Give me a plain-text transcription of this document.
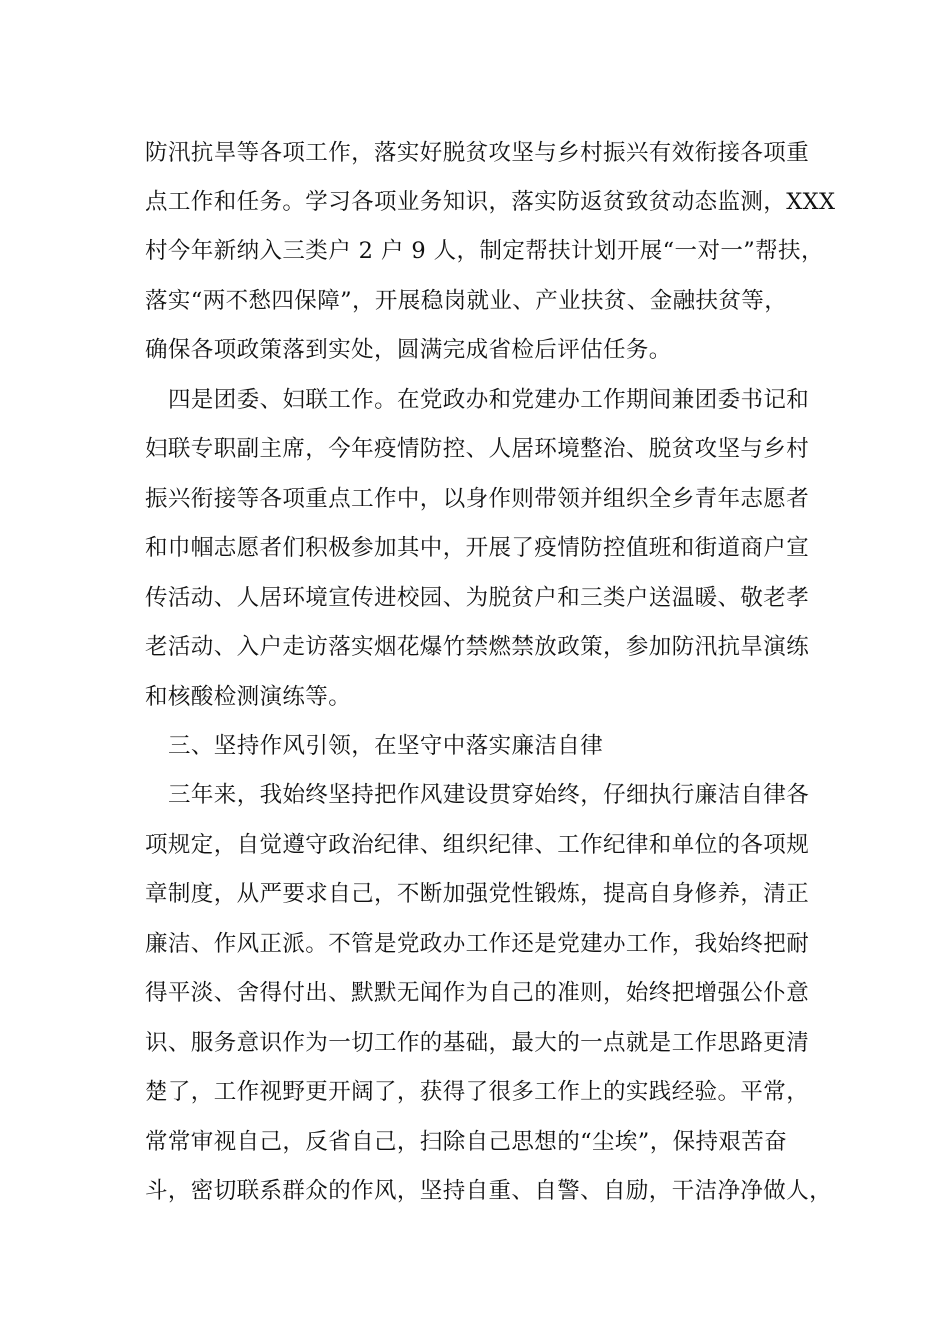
防汛抗旱等各项工作，落实好脱贫攻坚与乡村振兴有效衔接各项重
点工作和任务。学习各项业务知识，落实防返贫致贫动态监测，XXX
村今年新纳入三类户 2 户 9 人，制定帮扶计划开展“一对一”帮扶，
落实“两不愁四保障”，开展稳岗就业、产业扶贫、金融扶贫等，
确保各项政策落到实处，圆满完成省检后评估任务。
四是团委、妇联工作。在党政办和党建办工作期间兼团委书记和
妇联专职副主席，今年疫情防控、人居环境整治、脱贫攻坚与乡村
振兴衔接等各项重点工作中，以身作则带领并组织全乡青年志愿者
和巾帼志愿者们积极参加其中，开展了疫情防控值班和街道商户宣
传活动、人居环境宣传进校园、为脱贫户和三类户送温暖、敬老孝
老活动、入户走访落实烟花爆竹禁燃禁放政策，参加防汛抗旱演练
和核酸检测演练等。
三、坚持作风引领，在坚守中落实廉洁自律
三年来，我始终坚持把作风建设贯穿始终，仔细执行廉洁自律各
项规定，自觉遵守政治纪律、组织纪律、工作纪律和单位的各项规
章制度，从严要求自己，不断加强党性锻炼，提高自身修养，清正
廉洁、作风正派。不管是党政办工作还是党建办工作，我始终把耐
得平淡、舍得付出、默默无闻作为自己的准则，始终把增强公仆意
识、服务意识作为一切工作的基础，最大的一点就是工作思路更清
楚了，工作视野更开阔了，获得了很多工作上的实践经验。平常，
常常审视自己，反省自己，扫除自己思想的“尘埃”，保持艰苦奋
斗，密切联系群众的作风，坚持自重、自警、自励，干洁净净做人，
